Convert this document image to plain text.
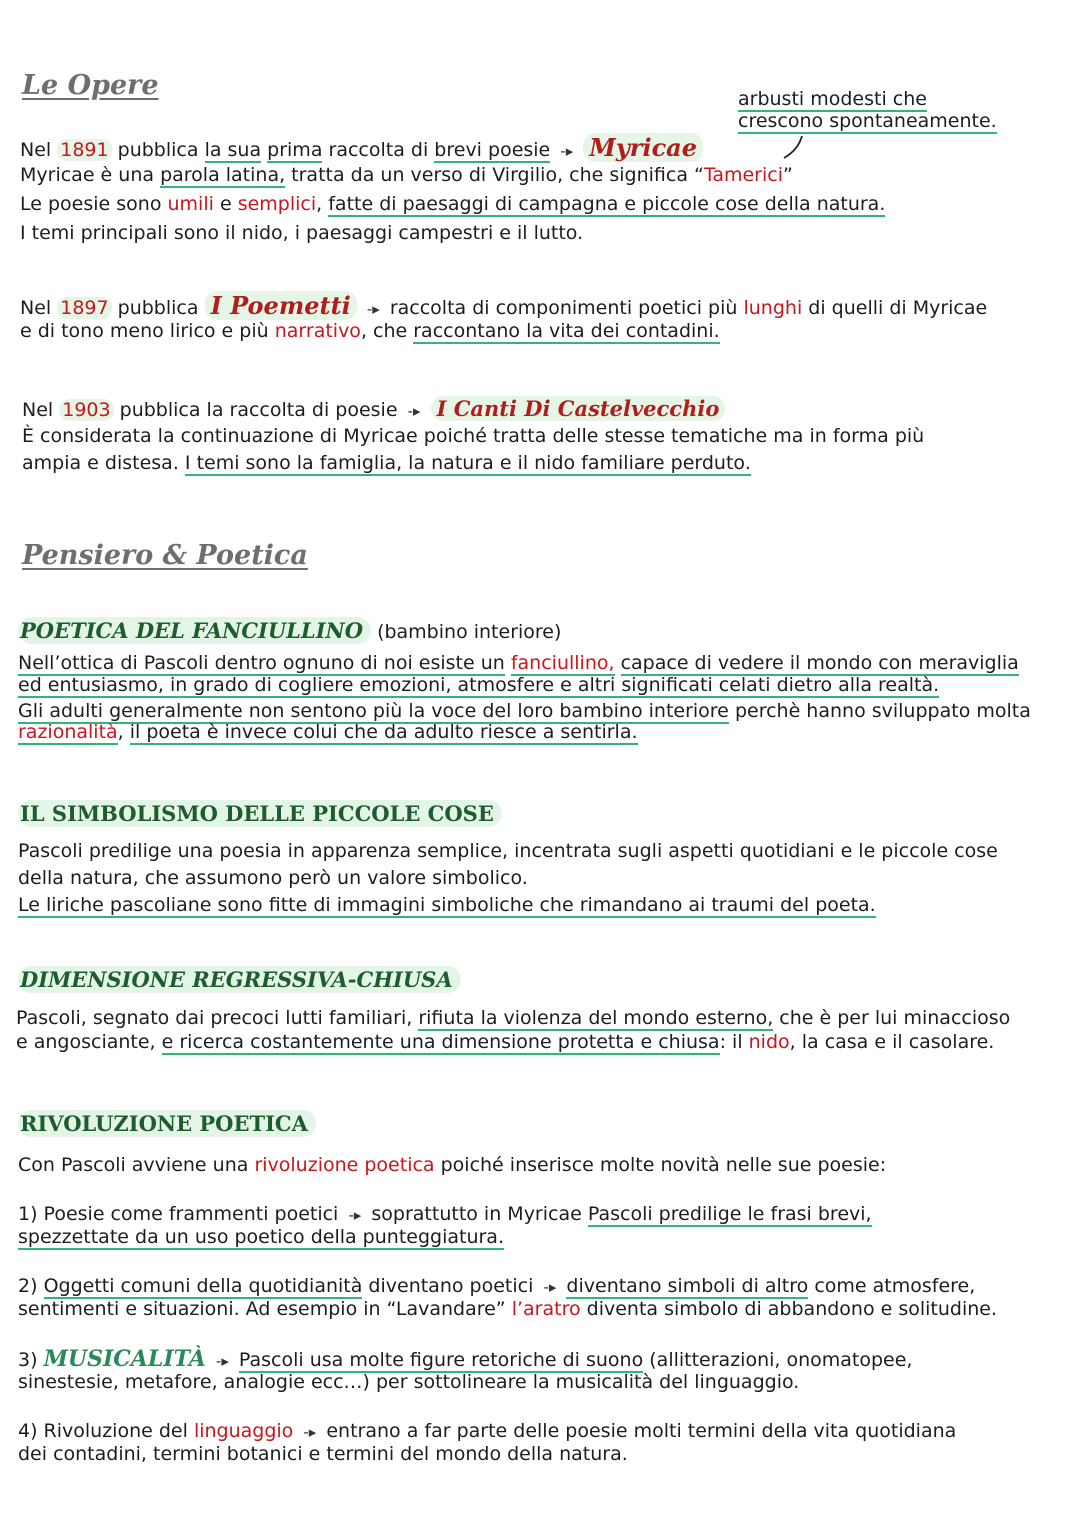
Le Opere	arbusti modesti che
crescono spontaneamente.
Nel 1891 pubblica la sua prima raccolta di brevi poesie -▸ Myricae
Myricae è una parola latina, tratta da un verso di Virgilio, che significa “Tamerici”
Le poesie sono umili e semplici, fatte di paesaggi di campagna e piccole cose della natura.
I temi principali sono il nido, i paesaggi campestri e il lutto.
Nel 1897 pubblica I Poemetti -▸ raccolta di componimenti poetici più lunghi di quelli di Myricae
e di tono meno lirico e più narrativo, che raccontano la vita dei contadini.
Nel 1903 pubblica la raccolta di poesie -▸ I Canti Di Castelvecchio
È considerata la continuazione di Myricae poiché tratta delle stesse tematiche ma in forma più
ampia e distesa. I temi sono la famiglia, la natura e il nido familiare perduto.
Pensiero & Poetica
POETICA DEL FANCIULLINO (bambino interiore)
Nell’ottica di Pascoli dentro ognuno di noi esiste un fanciullino, capace di vedere il mondo con meraviglia
ed entusiasmo, in grado di cogliere emozioni, atmosfere e altri significati celati dietro alla realtà.
Gli adulti generalmente non sentono più la voce del loro bambino interiore perchè hanno sviluppato molta
razionalità, il poeta è invece colui che da adulto riesce a sentirla.
IL SIMBOLISMO DELLE PICCOLE COSE
Pascoli predilige una poesia in apparenza semplice, incentrata sugli aspetti quotidiani e le piccole cose
della natura, che assumono però un valore simbolico.
Le liriche pascoliane sono fitte di immagini simboliche che rimandano ai traumi del poeta.
DIMENSIONE REGRESSIVA-CHIUSA
Pascoli, segnato dai precoci lutti familiari, rifiuta la violenza del mondo esterno, che è per lui minaccioso
e angosciante, e ricerca costantemente una dimensione protetta e chiusa: il nido, la casa e il casolare.
RIVOLUZIONE POETICA
Con Pascoli avviene una rivoluzione poetica poiché inserisce molte novità nelle sue poesie:
1) Poesie come frammenti poetici -▸ soprattutto in Myricae Pascoli predilige le frasi brevi,
spezzettate da un uso poetico della punteggiatura.
2) Oggetti comuni della quotidianità diventano poetici -▸ diventano simboli di altro come atmosfere,
sentimenti e situazioni. Ad esempio in “Lavandare” l’aratro diventa simbolo di abbandono e solitudine.
3) MUSICALITÀ -▸ Pascoli usa molte figure retoriche di suono (allitterazioni, onomatopee,
sinestesie, metafore, analogie ecc…) per sottolineare la musicalità del linguaggio.
4) Rivoluzione del linguaggio -▸ entrano a far parte delle poesie molti termini della vita quotidiana
dei contadini, termini botanici e termini del mondo della natura.
